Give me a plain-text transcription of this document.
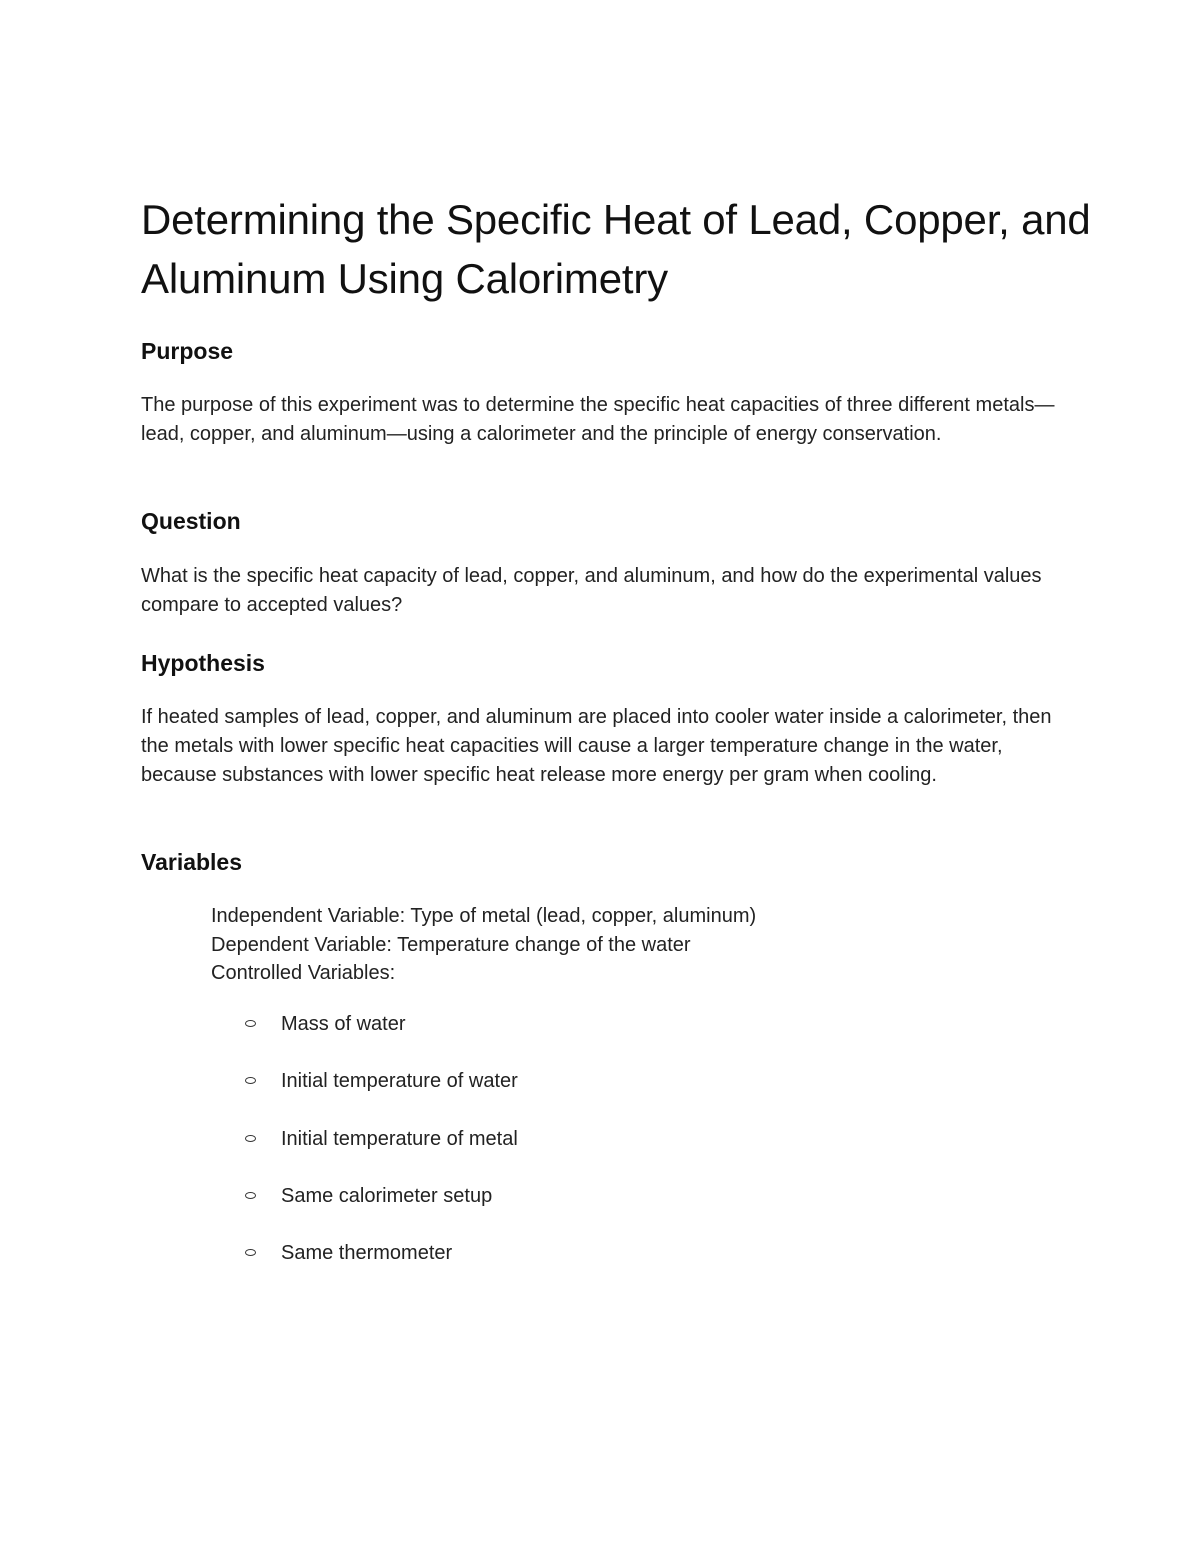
Determining the Specific Heat of Lead, Copper, and Aluminum Using Calorimetry
Purpose

The purpose of this experiment was to determine the specific heat capacities of three different metals—lead, copper, and aluminum—using a calorimeter and the principle of energy conservation.

Question

What is the specific heat capacity of lead, copper, and aluminum, and how do the experimental values compare to accepted values?

Hypothesis

If heated samples of lead, copper, and aluminum are placed into cooler water inside a calorimeter, then the metals with lower specific heat capacities will cause a larger temperature change in the water, because substances with lower specific heat release more energy per gram when cooling.

Variables
Independent Variable: Type of metal (lead, copper, aluminum)
Dependent Variable: Temperature change of the water
Controlled Variables:
Mass of water
Initial temperature of water
Initial temperature of metal
Same calorimeter setup
Same thermometer
